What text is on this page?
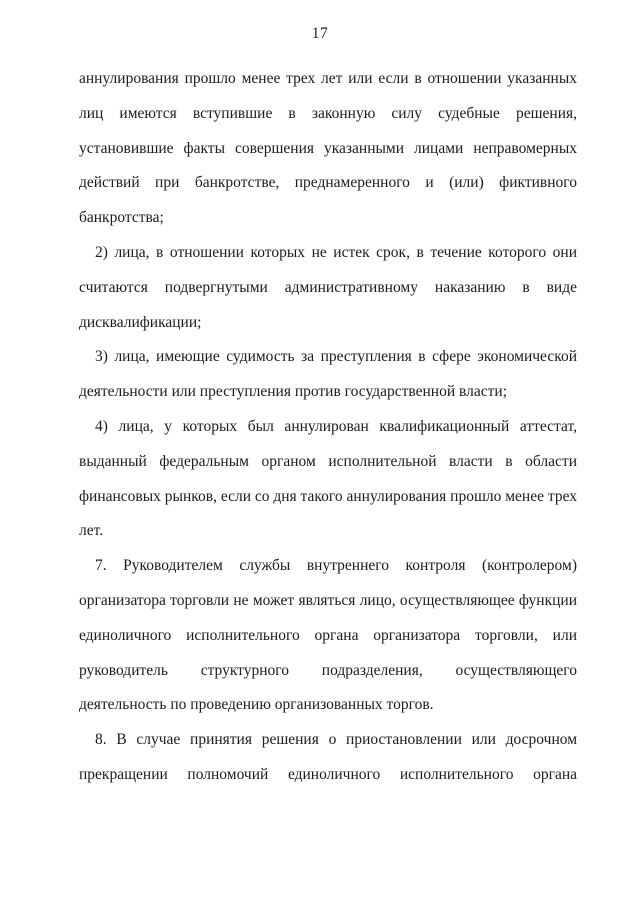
17
аннулирования прошло менее трех лет или если в отношении указанных
лиц имеются вступившие в законную силу судебные решения,
установившие факты совершения указанными лицами неправомерных
действий при банкротстве, преднамеренного и (или) фиктивного
банкротства;
2) лица, в отношении которых не истек срок, в течение которого они
считаются подвергнутыми административному наказанию в виде
дисквалификации;
3) лица, имеющие судимость за преступления в сфере экономической
деятельности или преступления против государственной власти;
4) лица, у которых был аннулирован квалификационный аттестат,
выданный федеральным органом исполнительной власти в области
финансовых рынков, если со дня такого аннулирования прошло менее трех
лет.
7. Руководителем службы внутреннего контроля (контролером)
организатора торговли не может являться лицо, осуществляющее функции
единоличного исполнительного органа организатора торговли, или
руководитель структурного подразделения, осуществляющего
деятельность по проведению организованных торгов.
8. В случае принятия решения о приостановлении или досрочном
прекращении полномочий единоличного исполнительного органа
